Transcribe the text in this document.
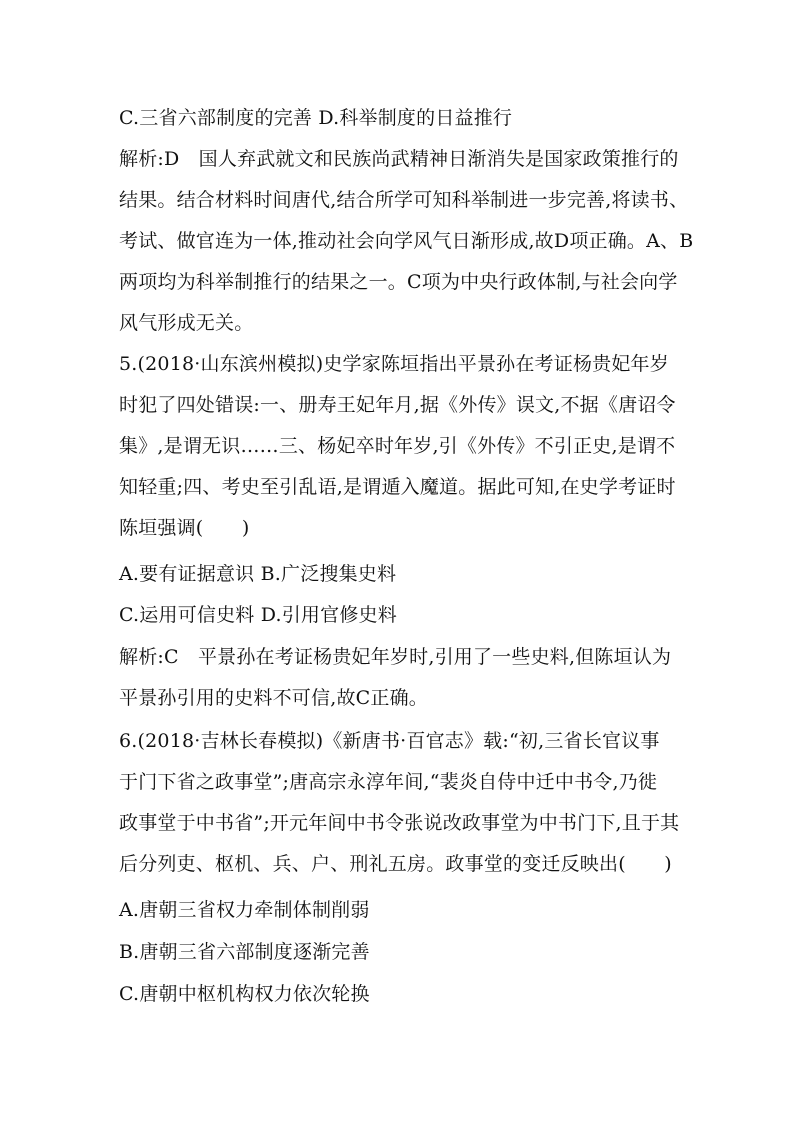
C.三省六部制度的完善 D.科举制度的日益推行
解析:D　国人弃武就文和民族尚武精神日渐消失是国家政策推行的
结果。结合材料时间唐代,结合所学可知科举制进一步完善,将读书、
考试、做官连为一体,推动社会向学风气日渐形成,故D项正确。A、B
两项均为科举制推行的结果之一。C项为中央行政体制,与社会向学
风气形成无关。
5.(2018·山东滨州模拟)史学家陈垣指出平景孙在考证杨贵妃年岁
时犯了四处错误:一、册寿王妃年月,据《外传》误文,不据《唐诏令
集》,是谓无识……三、杨妃卒时年岁,引《外传》不引正史,是谓不
知轻重;四、考史至引乱语,是谓遁入魔道。据此可知,在史学考证时
陈垣强调(　　)
A.要有证据意识 B.广泛搜集史料
C.运用可信史料 D.引用官修史料
解析:C　平景孙在考证杨贵妃年岁时,引用了一些史料,但陈垣认为
平景孙引用的史料不可信,故C正确。
6.(2018·吉林长春模拟)《新唐书·百官志》载:“初,三省长官议事
于门下省之政事堂”;唐高宗永淳年间,“裴炎自侍中迁中书令,乃徙
政事堂于中书省”;开元年间中书令张说改政事堂为中书门下,且于其
后分列吏、枢机、兵、户、刑礼五房。政事堂的变迁反映出(　　)
A.唐朝三省权力牵制体制削弱
B.唐朝三省六部制度逐渐完善
C.唐朝中枢机构权力依次轮换
